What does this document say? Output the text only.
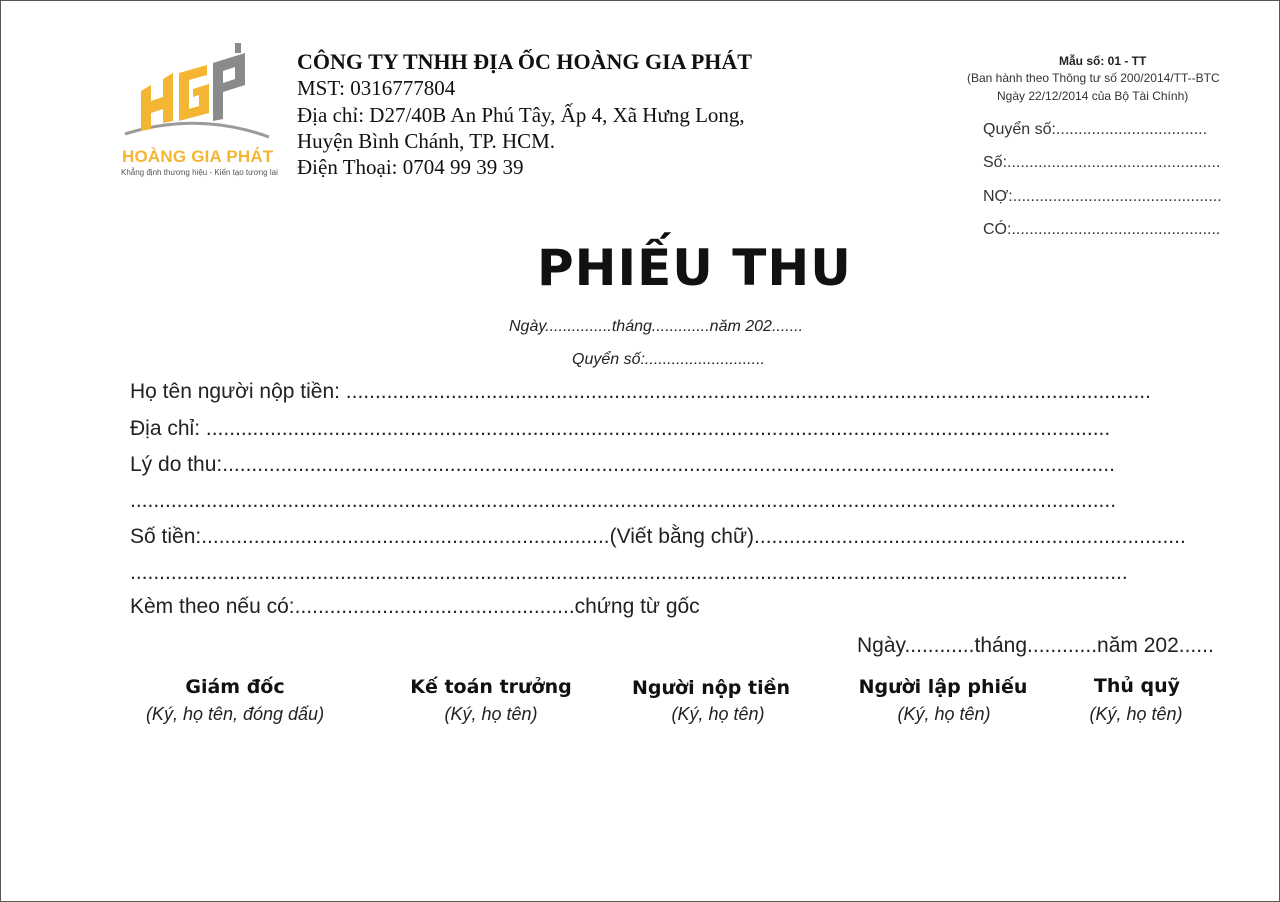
HOÀNG GIA PHÁT
Khẳng định thương hiệu - Kiến tạo tương lai
CÔNG TY TNHH ĐỊA ỐC HOÀNG GIA PHÁT
MST: 0316777804
Địa chỉ: D27/40B An Phú Tây, Ấp 4, Xã Hưng Long,
Huyện Bình Chánh, TP. HCM.
Điện Thoại: 0704 99 39 39
Mẫu số: 01 - TT
(Ban hành theo Thông tư số 200/2014/TT--BTC
Ngày 22/12/2014 của Bộ Tài Chính)
Quyển số:..................................
Số:................................................
NỢ:...............................................
CÓ:...............................................
PHIẾU THU
Ngày...............tháng.............năm 202.......
Quyển số:...........................
Họ tên người nộp tiền: ..........................................................................................................................................
Địa chỉ: ...........................................................................................................................................................
Lý do thu:.........................................................................................................................................................
.........................................................................................................................................................................
Số tiền:......................................................................(Viết bằng chữ)..........................................................................
...........................................................................................................................................................................
Kèm theo nếu có:................................................chứng từ gốc
Ngày............tháng............năm 202......
Giám đốc
(Ký, họ tên, đóng dấu)
Kế toán trưởng
(Ký, họ tên)
Người nộp tiền
(Ký, họ tên)
Người lập phiếu
(Ký, họ tên)
Thủ quỹ
(Ký, họ tên)
